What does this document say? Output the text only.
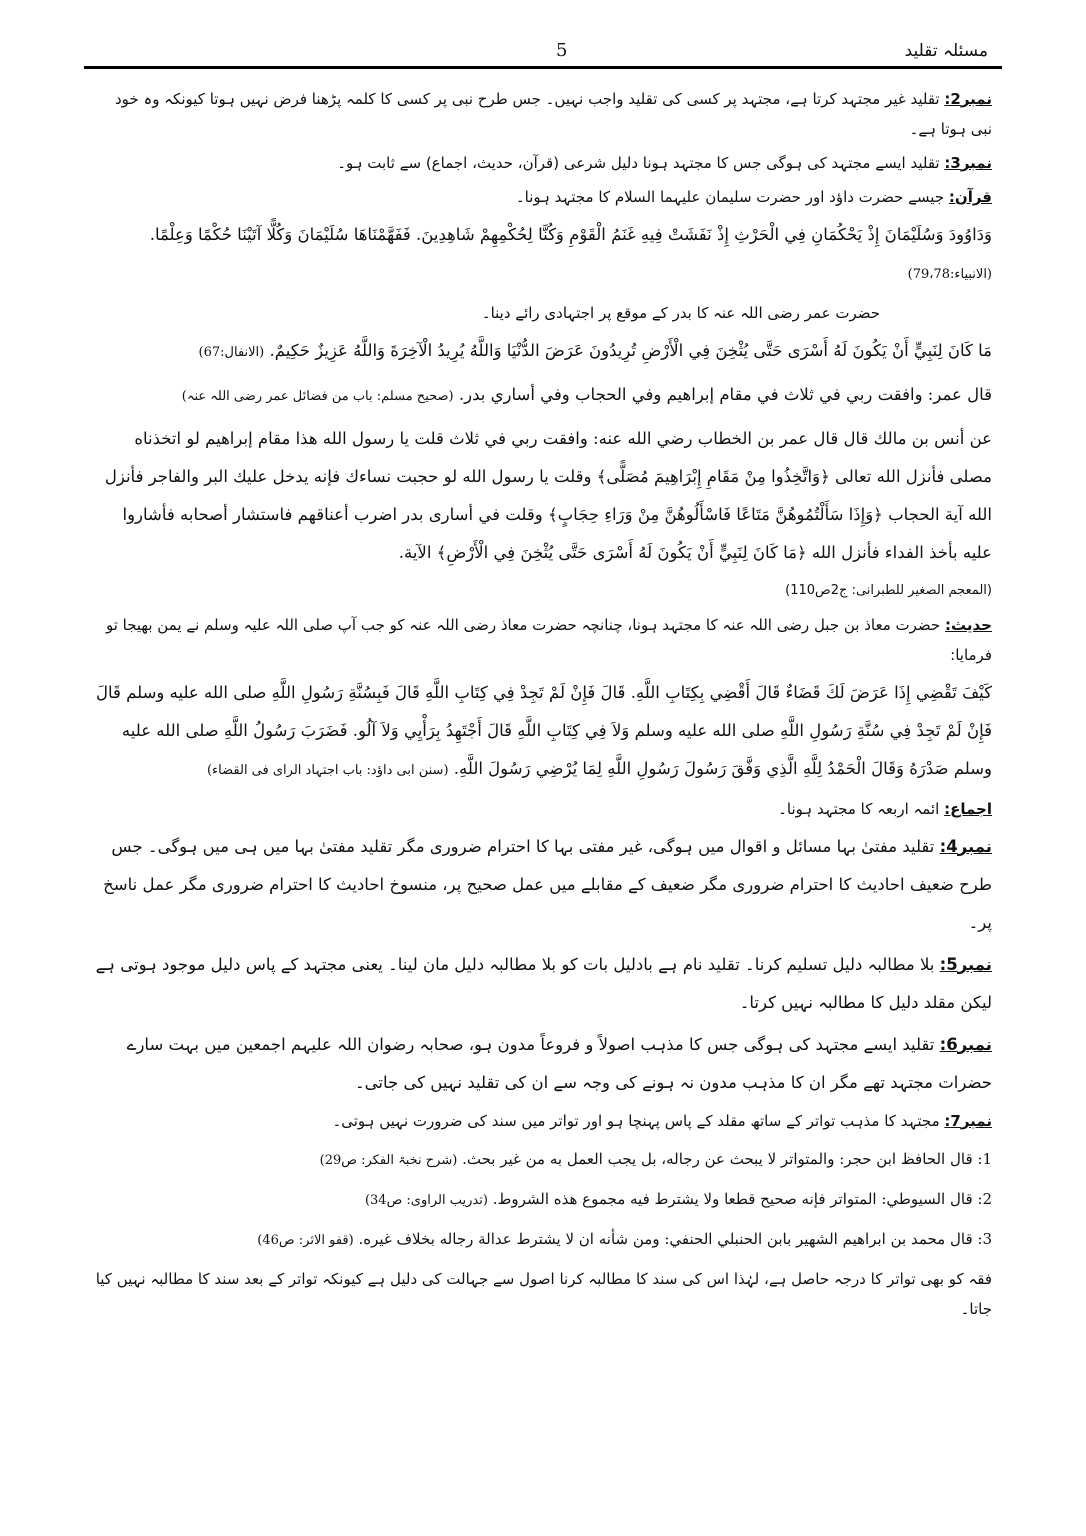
مسئلہ تقلید
5

نمبر2: تقلید غیر مجتہد کرتا ہے، مجتہد پر کسی کی تقلید واجب نہیں۔ جس طرح نبی پر کسی کا کلمہ پڑھنا فرض نہیں ہوتا کیونکہ وہ خود نبی ہوتا ہے۔

نمبر3: تقلید ایسے مجتہد کی ہوگی جس کا مجتہد ہونا دلیل شرعی (قرآن، حدیث، اجماع) سے ثابت ہو۔

قرآن: جیسے حضرت داؤد اور حضرت سلیمان علیہما السلام کا مجتہد ہونا۔

وَدَاوُودَ وَسُلَيْمَانَ إِذْ يَحْكُمَانِ فِي الْحَرْثِ إِذْ نَفَشَتْ فِيهِ غَنَمُ الْقَوْمِ وَكُنَّا لِحُكْمِهِمْ شَاهِدِينَ. فَفَهَّمْنَاهَا سُلَيْمَانَ وَكُلًّا آتَيْنَا حُكْمًا وَعِلْمًا. (الانبیاء:79،78)

حضرت عمر رضی اللہ عنہ کا بدر کے موقع پر اجتہادی رائے دینا۔

مَا كَانَ لِنَبِيٍّ أَنْ يَكُونَ لَهُ أَسْرَى حَتَّى يُثْخِنَ فِي الْأَرْضِ تُرِيدُونَ عَرَضَ الدُّنْيَا وَاللَّهُ يُرِيدُ الْآخِرَةَ وَاللَّهُ عَزِيزٌ حَكِيمٌ. (الانفال:67)

قال عمر: وافقت ربي في ثلاث في مقام إبراهيم وفي الحجاب وفي أساري بدر. (صحیح مسلم: باب من فضائل عمر رضی اللہ عنہ)

عن أنس بن مالك قال قال عمر بن الخطاب رضي الله عنه: وافقت ربي في ثلاث قلت يا رسول الله هذا مقام إبراهيم لو اتخذناه مصلى فأنزل الله تعالى ﴿وَاتَّخِذُوا مِنْ مَقَامِ إِبْرَاهِيمَ مُصَلًّى﴾ وقلت يا رسول الله لو حجبت نساءك فإنه يدخل عليك البر والفاجر فأنزل الله آية الحجاب ﴿وَإِذَا سَأَلْتُمُوهُنَّ مَتَاعًا فَاسْأَلُوهُنَّ مِنْ وَرَاءِ حِجَابٍ﴾ وقلت في أسارى بدر اضرب أعناقهم فاستشار أصحابه فأشاروا عليه بأخذ الفداء فأنزل الله ﴿مَا كَانَ لِنَبِيٍّ أَنْ يَكُونَ لَهُ أَسْرَى حَتَّى يُثْخِنَ فِي الْأَرْضِ﴾ الآية.

(المعجم الصغیر للطبرانی: ج2ص110)

حدیث: حضرت معاذ بن جبل رضی اللہ عنہ کا مجتہد ہونا، چنانچہ حضرت معاذ رضی اللہ عنہ کو جب آپ صلی اللہ علیہ وسلم نے یمن بھیجا تو فرمایا:

كَيْفَ تَقْضِي إِذَا عَرَضَ لَكَ قَضَاءٌ قَالَ أَقْضِي بِكِتَابِ اللَّهِ. قَالَ فَإِنْ لَمْ تَجِدْ فِي كِتَابِ اللَّهِ قَالَ فَبِسُنَّةِ رَسُولِ اللَّهِ صلى الله عليه وسلم قَالَ فَإِنْ لَمْ تَجِدْ فِي سُنَّةِ رَسُولِ اللَّهِ صلى الله عليه وسلم وَلاَ فِي كِتَابِ اللَّهِ قَالَ أَجْتَهِدُ بِرَأْيِي وَلاَ آلُو. فَضَرَبَ رَسُولُ اللَّهِ صلى الله عليه وسلم صَدْرَهُ وَقَالَ الْحَمْدُ لِلَّهِ الَّذِي وَفَّقَ رَسُولَ رَسُولِ اللَّهِ لِمَا يُرْضِي رَسُولَ اللَّهِ. (سنن ابی داؤد: باب اجتہاد الرای فی القضاء)

اجماع: ائمہ اربعہ کا مجتہد ہونا۔

نمبر4: تقلید مفتیٰ بہا مسائل و اقوال میں ہوگی، غیر مفتی بہا کا احترام ضروری مگر تقلید مفتیٰ بہا میں ہی میں ہوگی۔ جس طرح ضعیف احادیث کا احترام ضروری مگر ضعیف کے مقابلے میں عمل صحیح پر، منسوخ احادیث کا احترام ضروری مگر عمل ناسخ پر۔

نمبر5: بلا مطالبہ دلیل تسلیم کرنا۔ تقلید نام ہے بادلیل بات کو بلا مطالبہ دلیل مان لینا۔ یعنی مجتہد کے پاس دلیل موجود ہوتی ہے لیکن مقلد دلیل کا مطالبہ نہیں کرتا۔

نمبر6: تقلید ایسے مجتہد کی ہوگی جس کا مذہب اصولاً و فروعاً مدون ہو، صحابہ رضوان اللہ علیہم اجمعین میں بہت سارے حضرات مجتہد تھے مگر ان کا مذہب مدون نہ ہونے کی وجہ سے ان کی تقلید نہیں کی جاتی۔

نمبر7: مجتہد کا مذہب تواتر کے ساتھ مقلد کے پاس پہنچا ہو اور تواتر میں سند کی ضرورت نہیں ہوتی۔

1: قال الحافظ ابن حجر: والمتواتر لا يبحث عن رجاله، بل يجب العمل به من غير بحث. (شرح نخبۃ الفکر: ص29)

2: قال السيوطي: المتواتر فإنه صحيح قطعا ولا يشترط فيه مجموع هذه الشروط. (تدریب الراوی: ص34)

3: قال محمد بن ابراهيم الشهير بابن الحنبلي الحنفي: ومن شأنه ان لا يشترط عدالة رجاله بخلاف غيره. (قفو الاثر: ص46)

فقہ کو بھی تواتر کا درجہ حاصل ہے، لہٰذا اس کی سند کا مطالبہ کرنا اصول سے جہالت کی دلیل ہے کیونکہ تواتر کے بعد سند کا مطالبہ نہیں کیا جاتا۔
